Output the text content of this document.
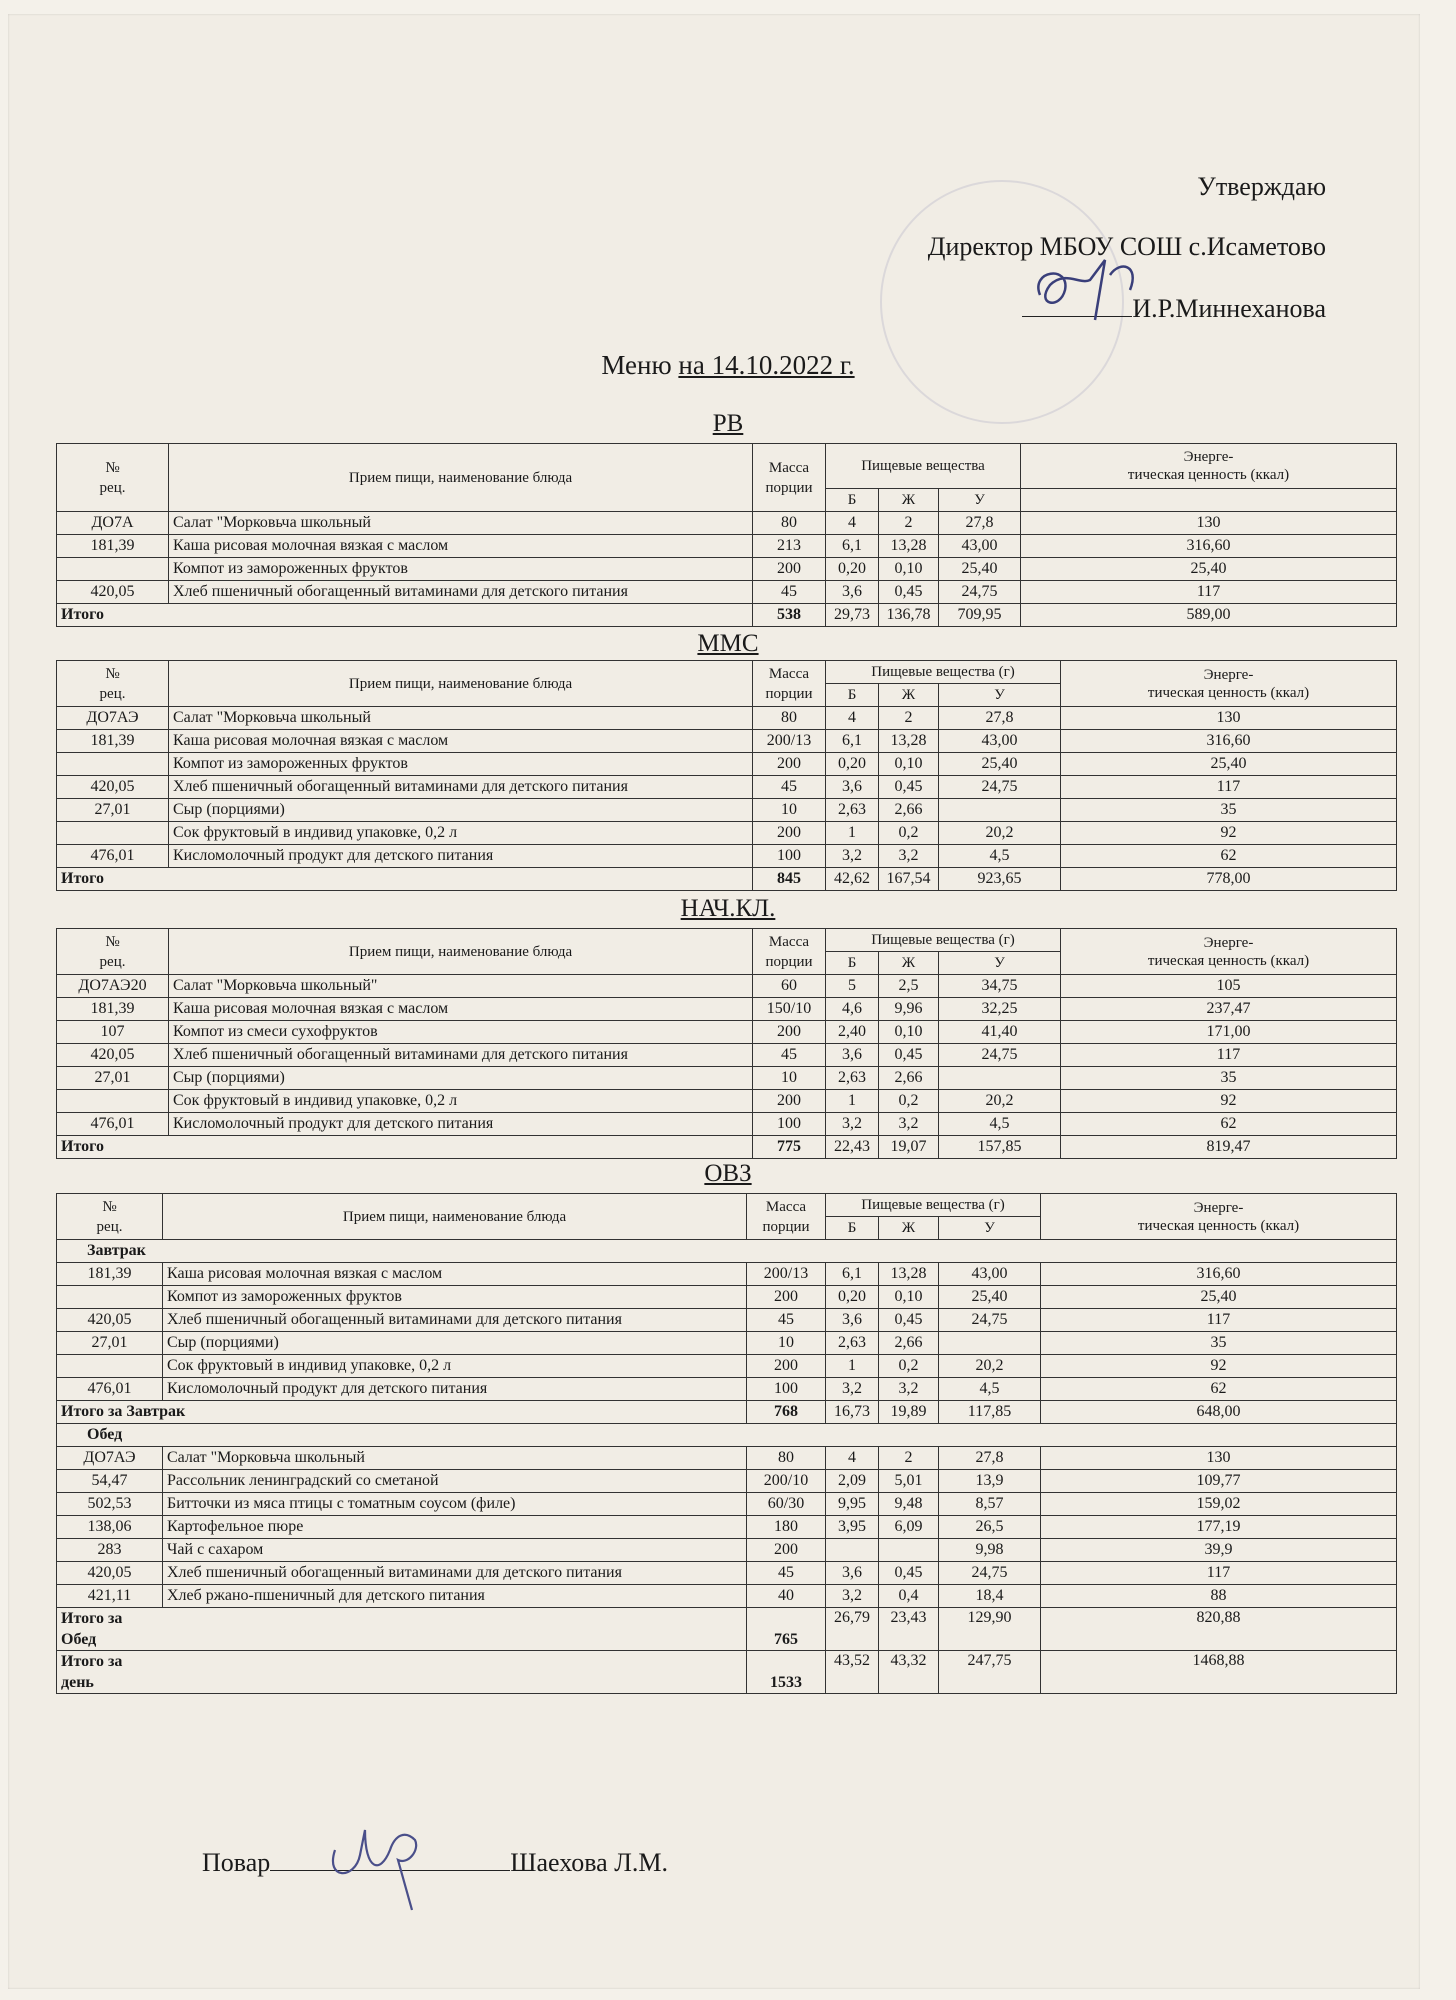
Утверждаю
Директор МБОУ СОШ с.Исаметово
И.Р.Миннеханова
Меню на 14.10.2022 г.
РВ
№
рец.	Прием пищи, наименование блюда	Масса
порции	Пищевые вещества			Энерге-
тическая ценность (ккал)
			Б	Ж	У	
ДО7А	Салат "Морковьча школьный	80	4	2	27,8	130
181,39	Каша рисовая молочная вязкая с маслом	213	6,1	13,28	43,00	316,60
	Компот из замороженных фруктов	200	0,20	0,10	25,40	25,40
420,05	Хлеб пшеничный обогащенный витаминами для детского питания	45	3,6	0,45	24,75	117
Итого		538	29,73	136,78	709,95	589,00
ММС
№
рец.	Прием пищи, наименование блюда	Масса
порции	Пищевые вещества (г)			Энерге-
тическая ценность (ккал)
			Б	Ж	У	
ДО7АЭ	Салат "Морковьча школьный	80	4	2	27,8	130
181,39	Каша рисовая молочная вязкая с маслом	200/13	6,1	13,28	43,00	316,60
	Компот из замороженных фруктов	200	0,20	0,10	25,40	25,40
420,05	Хлеб пшеничный обогащенный витаминами для детского питания	45	3,6	0,45	24,75	117
27,01	Сыр (порциями)	10	2,63	2,66		35
	Сок фруктовый в индивид упаковке, 0,2 л	200	1	0,2	20,2	92
476,01	Кисломолочный продукт для детского питания	100	3,2	3,2	4,5	62
Итого		845	42,62	167,54	923,65	778,00
НАЧ.КЛ.
№
рец.	Прием пищи, наименование блюда	Масса
порции	Пищевые вещества (г)			Энерге-
тическая ценность (ккал)
			Б	Ж	У	
ДО7АЭ20	Салат "Морковьча школьный"	60	5	2,5	34,75	105
181,39	Каша рисовая молочная вязкая с маслом	150/10	4,6	9,96	32,25	237,47
107	Компот из смеси сухофруктов	200	2,40	0,10	41,40	171,00
420,05	Хлеб пшеничный обогащенный витаминами для детского питания	45	3,6	0,45	24,75	117
27,01	Сыр (порциями)	10	2,63	2,66		35
	Сок фруктовый в индивид упаковке, 0,2 л	200	1	0,2	20,2	92
476,01	Кисломолочный продукт для детского питания	100	3,2	3,2	4,5	62
Итого		775	22,43	19,07	157,85	819,47
ОВЗ
№
рец.	Прием пищи, наименование блюда	Масса
порции	Пищевые вещества (г)			Энерге-
тическая ценность (ккал)
			Б	Ж	У	
Завтрак						
181,39	Каша рисовая молочная вязкая с маслом	200/13	6,1	13,28	43,00	316,60
	Компот из замороженных фруктов	200	0,20	0,10	25,40	25,40
420,05	Хлеб пшеничный обогащенный витаминами для детского питания	45	3,6	0,45	24,75	117
27,01	Сыр (порциями)	10	2,63	2,66		35
	Сок фруктовый в индивид упаковке, 0,2 л	200	1	0,2	20,2	92
476,01	Кисломолочный продукт для детского питания	100	3,2	3,2	4,5	62
Итого за Завтрак		768	16,73	19,89	117,85	648,00
Обед						
ДО7АЭ	Салат "Морковьча школьный	80	4	2	27,8	130
54,47	Рассольник ленинградский со сметаной	200/10	2,09	5,01	13,9	109,77
502,53	Битточки из мяса птицы с томатным соусом (филе)	60/30	9,95	9,48	8,57	159,02
138,06	Картофельное пюре	180	3,95	6,09	26,5	177,19
283	Чай с сахаром	200			9,98	39,9
420,05	Хлеб пшеничный обогащенный витаминами для детского питания	45	3,6	0,45	24,75	117
421,11	Хлеб ржано-пшеничный для детского питания	40	3,2	0,4	18,4	88
Итого за
Обед		765	26,79	23,43	129,90	820,88
Итого за
день		1533	43,52	43,32	247,75	1468,88
Повар	Шаехова Л.М.
